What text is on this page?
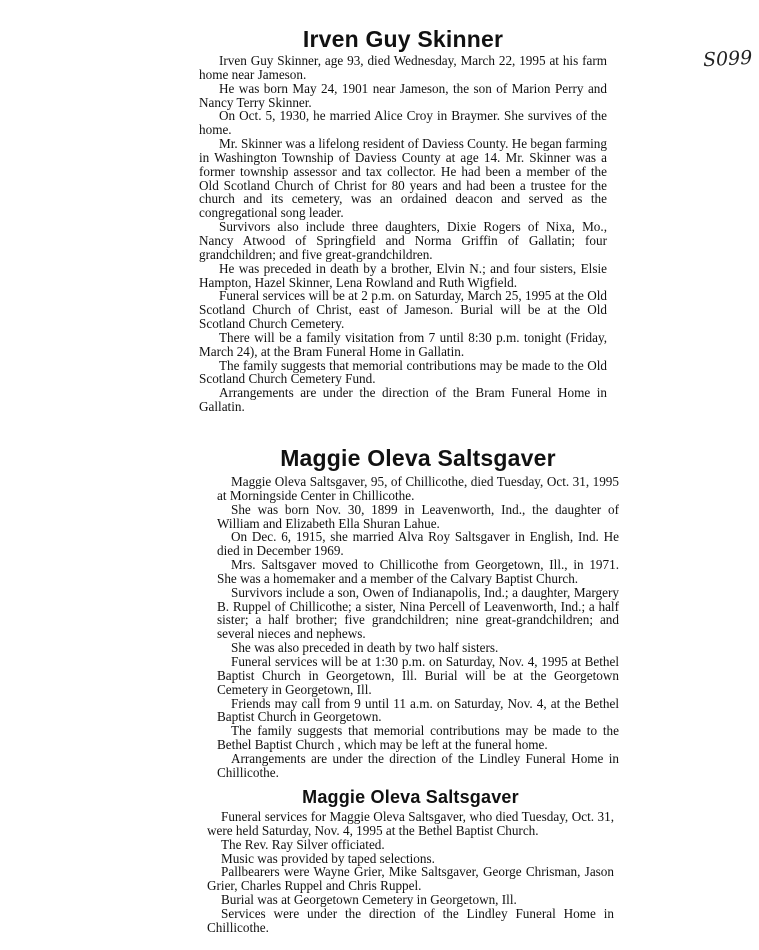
S099
Irven Guy Skinner

Irven Guy Skinner, age 93, died Wednesday, March 22, 1995 at his farm home near Jameson.

He was born May 24, 1901 near Jameson, the son of Marion Perry and Nancy Terry Skinner.

On Oct. 5, 1930, he married Alice Croy in Braymer. She survives of the home.

Mr. Skinner was a lifelong resident of Daviess County. He began farming in Washington Township of Daviess County at age 14. Mr. Skinner was a former township assessor and tax collector. He had been a member of the Old Scotland Church of Christ for 80 years and had been a trustee for the church and its cemetery, was an ordained deacon and served as the congregational song leader.

Survivors also include three daughters, Dixie Rogers of Nixa, Mo., Nancy Atwood of Springfield and Norma Griffin of Gallatin; four grandchildren; and five great-grandchildren.

He was preceded in death by a brother, Elvin N.; and four sisters, Elsie Hampton, Hazel Skinner, Lena Rowland and Ruth Wigfield.

Funeral services will be at 2 p.m. on Saturday, March 25, 1995 at the Old Scotland Church of Christ, east of Jameson. Burial will be at the Old Scotland Church Cemetery.

There will be a family visitation from 7 until 8:30 p.m. tonight (Friday, March 24), at the Bram Funeral Home in Gallatin.

The family suggests that memorial contributions may be made to the Old Scotland Church Cemetery Fund.

Arrangements are under the direction of the Bram Funeral Home in Gallatin.

Maggie Oleva Saltsgaver

Maggie Oleva Saltsgaver, 95, of Chillicothe, died Tuesday, Oct. 31, 1995 at Morningside Center in Chillicothe.

She was born Nov. 30, 1899 in Leavenworth, Ind., the daughter of William and Elizabeth Ella Shuran Lahue.

On Dec. 6, 1915, she married Alva Roy Saltsgaver in English, Ind. He died in December 1969.

Mrs. Saltsgaver moved to Chillicothe from Georgetown, Ill., in 1971. She was a homemaker and a member of the Calvary Baptist Church.

Survivors include a son, Owen of Indianapolis, Ind.; a daughter, Margery B. Ruppel of Chillicothe; a sister, Nina Percell of Leavenworth, Ind.; a half sister; a half brother; five grandchildren; nine great-grandchildren; and several nieces and nephews.

She was also preceded in death by two half sisters.

Funeral services will be at 1:30 p.m. on Saturday, Nov. 4, 1995 at Bethel Baptist Church in Georgetown, Ill. Burial will be at the Georgetown Cemetery in Georgetown, Ill.

Friends may call from 9 until 11 a.m. on Saturday, Nov. 4, at the Bethel Baptist Church in Georgetown.

The family suggests that memorial contributions may be made to the Bethel Baptist Church , which may be left at the funeral home.

Arrangements are under the direction of the Lindley Funeral Home in Chillicothe.

Maggie Oleva Saltsgaver

Funeral services for Maggie Oleva Saltsgaver, who died Tuesday, Oct. 31, were held Saturday, Nov. 4, 1995 at the Bethel Baptist Church.

The Rev. Ray Silver officiated.

Music was provided by taped selections.

Pallbearers were Wayne Grier, Mike Saltsgaver, George Chrisman, Jason Grier, Charles Ruppel and Chris Ruppel.

Burial was at Georgetown Cemetery in Georgetown, Ill.

Services were under the direction of the Lindley Funeral Home in Chillicothe.
